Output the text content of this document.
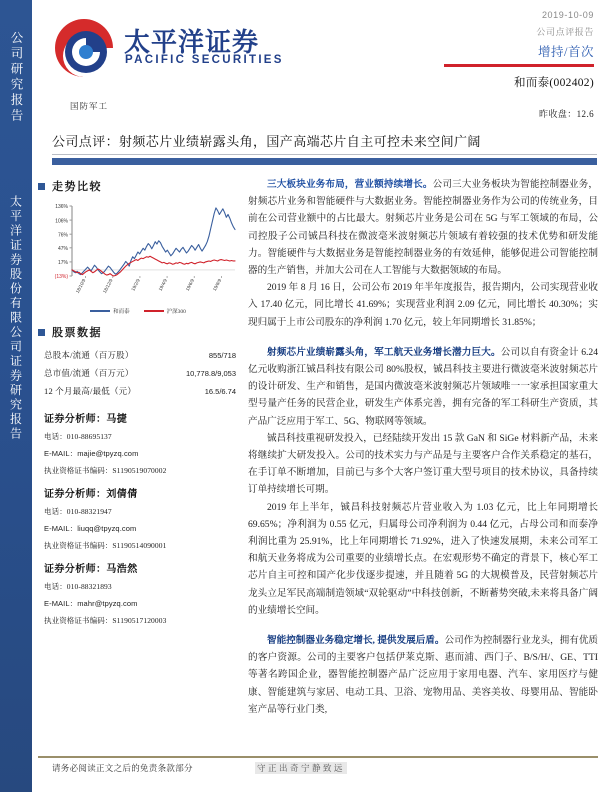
公司研究报告
太平洋证券股份有限公司证券研究报告
太平洋证券
PACIFIC SECURITIES
国防军工
2019-10-09
公司点评报告
增持/首次
和而泰(002402)
昨收盘：12.6
公司点评：射频芯片业绩崭露头角，国产高端芯片自主可控未来空间广阔
走势比较
136%
106%
76%
47%
17%
(13%)
18/10/9	18/12/9	19/2/9	19/4/9	19/6/9	19/8/9
和而泰	沪深300
股票数据
总股本/流通（百万股）	855/718
总市值/流通（百万元）	10,778.8/9,053
12 个月最高/最低（元）	16.5/6.74
证券分析师：马捷
电话：010-88695137
E-MAIL：majie@tpyzq.com
执业资格证书编码：S1190519070002
证券分析师：刘倩倩
电话：010-88321947
E-MAIL：liuqq@tpyzq.com
执业资格证书编码：S1190514090001
证券分析师：马浩然
电话：010-88321893
E-MAIL：mahr@tpyzq.com
执业资格证书编码：S1190517120003

三大板块业务布局，营业额持续增长。公司三大业务板块为智能控制器业务，射频芯片业务和智能硬件与大数据业务。智能控制器业务作为公司的传统业务，目前在公司营业额中的占比最大。射频芯片业务是公司在 5G 与军工领域的布局，公司控股子公司铖昌科技在微波毫米波射频芯片领域有着较强的技术优势和研发能力。智能硬件与大数据业务是智能控制器业务的有效延伸，能够促进公司智能控制器的生产销售，并加大公司在人工智能与大数据领域的布局。

2019 年 8 月 16 日，公司公布 2019 年半年度报告，报告期内，公司实现营业收入 17.40 亿元，同比增长 41.69%；实现营业利润 2.09 亿元，同比增长 40.30%；实现归属于上市公司股东的净利润 1.70 亿元，较上年同期增长 31.85%；

射频芯片业绩崭露头角，军工航天业务增长潜力巨大。公司以自有资金计 6.24 亿元收购浙江铖昌科技有限公司 80%股权，铖昌科技主要进行微波毫米波射频芯片的设计研发、生产和销售，是国内微波毫米波射频芯片领域唯一一家承担国家重大型号量产任务的民营企业，研发生产体系完善，拥有完备的军工科研生产资质，其产品广泛应用于军工、5G、物联网等领域。

铖昌科技重视研发投入，已经陆续开发出 15 款 GaN 和 SiGe 材料新产品，未来将继续扩大研发投入。公司的技术实力与产品是与主要客户合作关系稳定的基石，在手订单不断增加，目前已与多个大客户签订重大型号项目的技术协议，具备持续订单持续增长可期。

2019 年上半年，铖昌科技射频芯片营业收入为 1.03 亿元，比上年同期增长 69.65%；净利润为 0.55 亿元，归属母公司净利润为 0.44 亿元，占母公司和而泰净利润比重为 25.91%，比上年同期增长 71.92%，进入了快速发展期，未来公司军工和航天业务将成为公司重要的业绩增长点。在宏观形势不确定的背景下，核心军工芯片自主可控和国产化步伐逐步提速，并且随着 5G 的大规模普及，民营射频芯片龙头立足军民高端制造领域“双轮驱动”中科技创新，不断蓄势突破,未来将具备广阔的业绩增长空间。

智能控制器业务稳定增长, 提供发展后盾。公司作为控制器行业龙头，拥有优质的客户资源。公司的主要客户包括伊莱克斯、惠而浦、西门子、B/S/H/、GE、TTI 等著名跨国企业，器智能控制器产品广泛应用于家用电器、汽车、家用医疗与健康、智能建筑与家居、电动工具、卫浴、宠物用品、美容美妆、母婴用品、智能卧室产品等行业门类,

请务必阅读正文之后的免责条款部分	守正出奇宁静致远
